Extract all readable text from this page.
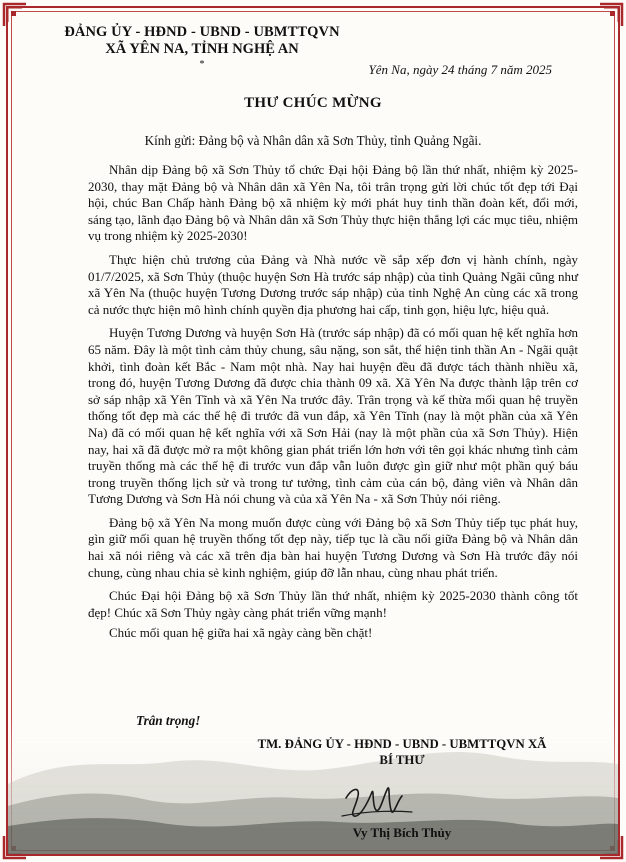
ĐẢNG ỦY - HĐND - UBND - UBMTTQVN
XÃ YÊN NA, TỈNH NGHỆ AN
*	Yên Na, ngày 24 tháng 7 năm 2025
THƯ CHÚC MỪNG
Kính gửi: Đảng bộ và Nhân dân xã Sơn Thủy, tỉnh Quảng Ngãi.

Nhân dịp Đảng bộ xã Sơn Thủy tổ chức Đại hội Đảng bộ lần thứ nhất, nhiệm kỳ 2025-2030, thay mặt Đảng bộ và Nhân dân xã Yên Na, tôi trân trọng gửi lời chúc tốt đẹp tới Đại hội, chúc Ban Chấp hành Đảng bộ xã nhiệm kỳ mới phát huy tinh thần đoàn kết, đổi mới, sáng tạo, lãnh đạo Đảng bộ và Nhân dân xã Sơn Thủy thực hiện thắng lợi các mục tiêu, nhiệm vụ trong nhiệm kỳ 2025-2030!

Thực hiện chủ trương của Đảng và Nhà nước về sắp xếp đơn vị hành chính, ngày 01/7/2025, xã Sơn Thủy (thuộc huyện Sơn Hà trước sáp nhập) của tỉnh Quảng Ngãi cũng như xã Yên Na (thuộc huyện Tương Dương trước sáp nhập) của tỉnh Nghệ An cùng các xã trong cả nước thực hiện mô hình chính quyền địa phương hai cấp, tinh gọn, hiệu lực, hiệu quả.

Huyện Tương Dương và huyện Sơn Hà (trước sáp nhập) đã có mối quan hệ kết nghĩa hơn 65 năm. Đây là một tình cảm thủy chung, sâu nặng, son sắt, thể hiện tinh thần An - Ngãi quật khởi, tình đoàn kết Bắc - Nam một nhà. Nay hai huyện đều đã được tách thành nhiều xã, trong đó, huyện Tương Dương đã được chia thành 09 xã. Xã Yên Na được thành lập trên cơ sở sáp nhập xã Yên Tĩnh và xã Yên Na trước đây. Trân trọng và kế thừa mối quan hệ truyền thống tốt đẹp mà các thế hệ đi trước đã vun đắp, xã Yên Tĩnh (nay là một phần của xã Yên Na) đã có mối quan hệ kết nghĩa với xã Sơn Hải (nay là một phần của xã Sơn Thủy). Hiện nay, hai xã đã được mở ra một không gian phát triển lớn hơn với tên gọi khác nhưng tình cảm truyền thống mà các thế hệ đi trước vun đắp vẫn luôn được gìn giữ như một phần quý báu trong truyền thống lịch sử và trong tư tưởng, tình cảm của cán bộ, đảng viên và Nhân dân Tương Dương và Sơn Hà nói chung và của xã Yên Na - xã Sơn Thủy nói riêng.

Đảng bộ xã Yên Na mong muốn được cùng với Đảng bộ xã Sơn Thủy tiếp tục phát huy, gìn giữ mối quan hệ truyền thống tốt đẹp này, tiếp tục là cầu nối giữa Đảng bộ và Nhân dân hai xã nói riêng và các xã trên địa bàn hai huyện Tương Dương và Sơn Hà trước đây nói chung, cùng nhau chia sẻ kinh nghiệm, giúp đỡ lẫn nhau, cùng nhau phát triển.

Chúc Đại hội Đảng bộ xã Sơn Thủy lần thứ nhất, nhiệm kỳ 2025-2030 thành công tốt đẹp! Chúc xã Sơn Thủy ngày càng phát triển vững mạnh!

Chúc mối quan hệ giữa hai xã ngày càng bền chặt!

Trân trọng!
TM. ĐẢNG ỦY - HĐND - UBND - UBMTTQVN XÃ
BÍ THƯ
Vy Thị Bích Thủy
